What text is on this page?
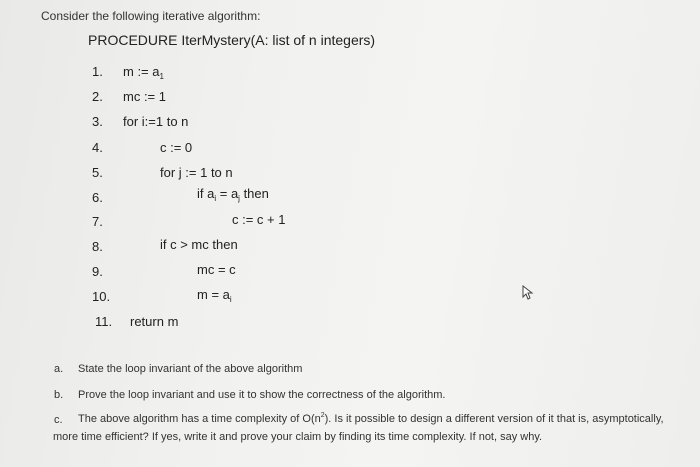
Consider the following iterative algorithm:
PROCEDURE IterMystery(A: list of n integers)
1.
2.
3.
4.
5.
6.
7.
8.
9.
10.
11.
m := $a_1$
mc := 1
for i:=1 to n
c := 0
for j := 1 to n
if $a_i = a_j$ then
c := c + 1
if c > mc then
mc = c
$m = a_i$
return m
a. State the loop invariant of the above algorithm
b. Prove the loop invariant and use it to show the correctness of the algorithm.
c. The above algorithm has a time complexity of $O(n^2)$. Is it possible to design a different version of it that is, asymptotically,
more time efficient? If yes, write it and prove your claim by finding its time complexity. If not, say why.
